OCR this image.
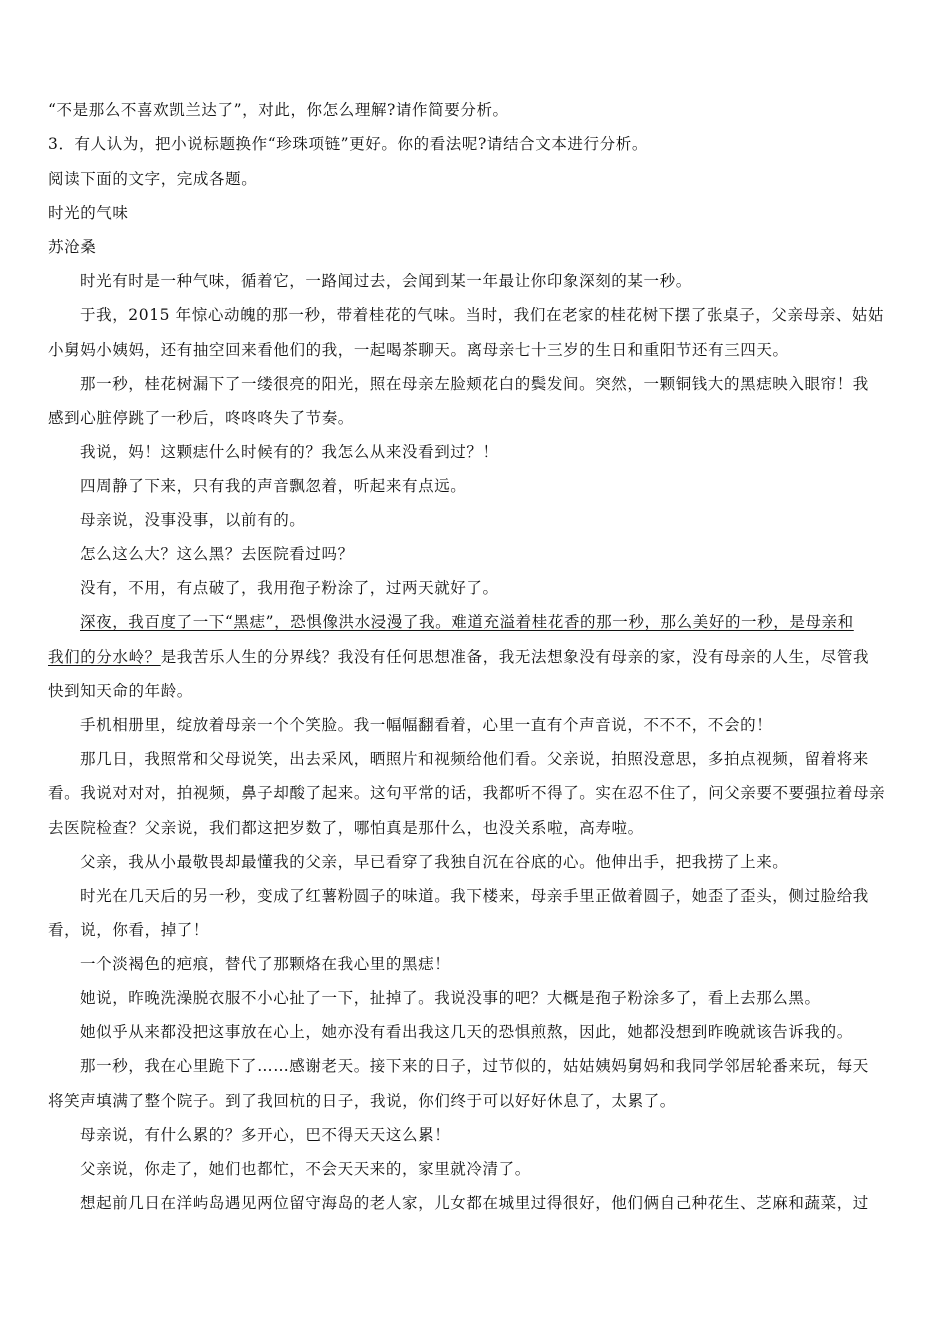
“不是那么不喜欢凯兰达了”，对此，你怎么理解?请作简要分析。
3．有人认为，把小说标题换作“珍珠项链”更好。你的看法呢?请结合文本进行分析。
阅读下面的文字，完成各题。
时光的气味
苏沧桑
时光有时是一种气味，循着它，一路闻过去，会闻到某一年最让你印象深刻的某一秒。
于我，2015 年惊心动魄的那一秒，带着桂花的气味。当时，我们在老家的桂花树下摆了张桌子，父亲母亲、姑姑
小舅妈小姨妈，还有抽空回来看他们的我，一起喝茶聊天。离母亲七十三岁的生日和重阳节还有三四天。
那一秒，桂花树漏下了一缕很亮的阳光，照在母亲左脸颊花白的鬓发间。突然，一颗铜钱大的黑痣映入眼帘！我
感到心脏停跳了一秒后，咚咚咚失了节奏。
我说，妈！这颗痣什么时候有的？我怎么从来没看到过？！
四周静了下来，只有我的声音飘忽着，听起来有点远。
母亲说，没事没事，以前有的。
怎么这么大？这么黑？去医院看过吗？
没有，不用，有点破了，我用孢子粉涂了，过两天就好了。
深夜，我百度了一下“黑痣”，恐惧像洪水浸漫了我。难道充溢着桂花香的那一秒，那么美好的一秒，是母亲和
我们的分水岭？是我苦乐人生的分界线？我没有任何思想准备，我无法想象没有母亲的家，没有母亲的人生，尽管我
快到知天命的年龄。
手机相册里，绽放着母亲一个个笑脸。我一幅幅翻看着，心里一直有个声音说，不不不，不会的！
那几日，我照常和父母说笑，出去采风，晒照片和视频给他们看。父亲说，拍照没意思，多拍点视频，留着将来
看。我说对对对，拍视频，鼻子却酸了起来。这句平常的话，我都听不得了。实在忍不住了，问父亲要不要强拉着母亲
去医院检查？父亲说，我们都这把岁数了，哪怕真是那什么，也没关系啦，高寿啦。
父亲，我从小最敬畏却最懂我的父亲，早已看穿了我独自沉在谷底的心。他伸出手，把我捞了上来。
时光在几天后的另一秒，变成了红薯粉圆子的味道。我下楼来，母亲手里正做着圆子，她歪了歪头，侧过脸给我
看，说，你看，掉了！
一个淡褐色的疤痕，替代了那颗烙在我心里的黑痣！
她说，昨晚洗澡脱衣服不小心扯了一下，扯掉了。我说没事的吧？大概是孢子粉涂多了，看上去那么黑。
她似乎从来都没把这事放在心上，她亦没有看出我这几天的恐惧煎熬，因此，她都没想到昨晚就该告诉我的。
那一秒，我在心里跪下了……感谢老天。接下来的日子，过节似的，姑姑姨妈舅妈和我同学邻居轮番来玩，每天
将笑声填满了整个院子。到了我回杭的日子，我说，你们终于可以好好休息了，太累了。
母亲说，有什么累的？多开心，巴不得天天这么累！
父亲说，你走了，她们也都忙，不会天天来的，家里就冷清了。
想起前几日在洋屿岛遇见两位留守海岛的老人家，儿女都在城里过得很好，他们俩自己种花生、芝麻和蔬菜，过
